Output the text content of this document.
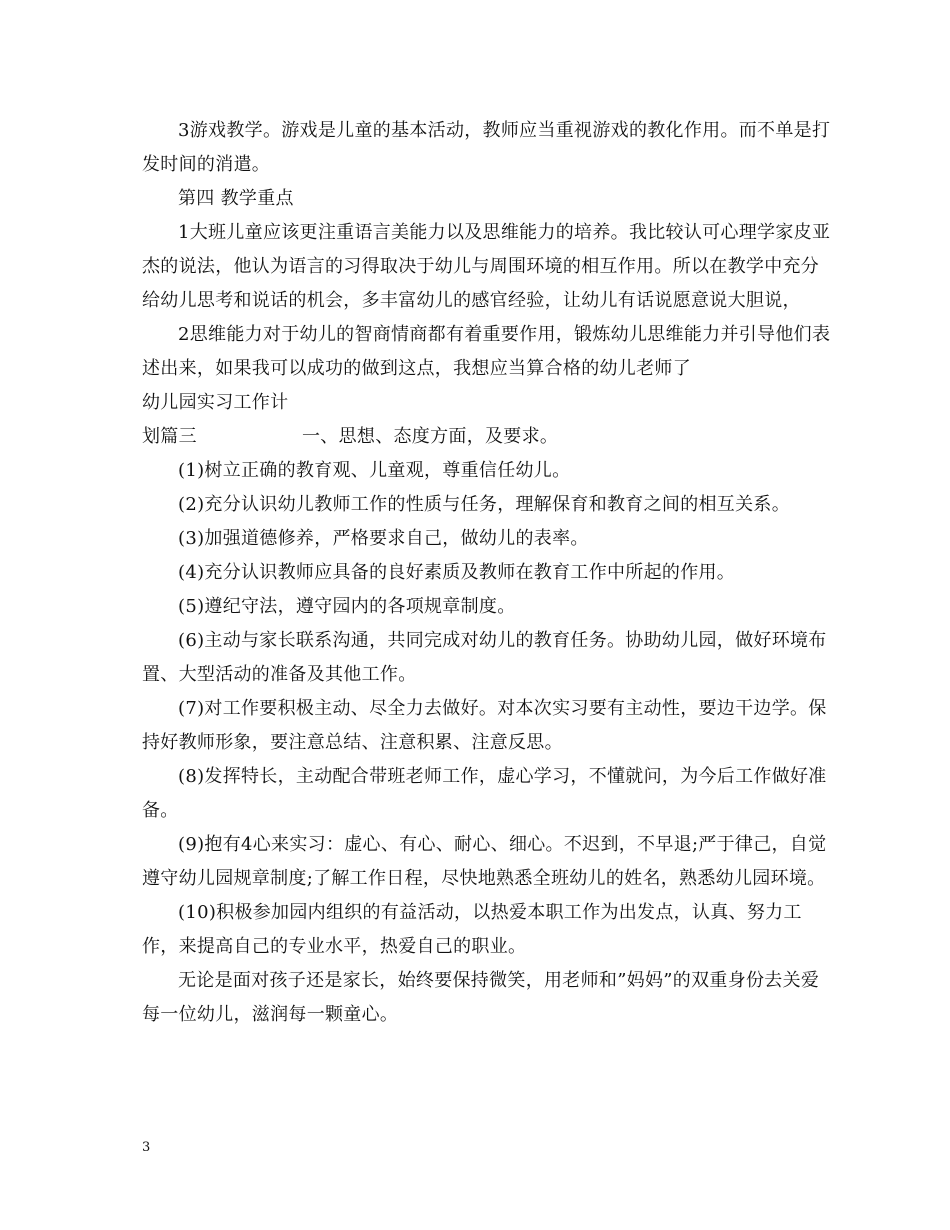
3游戏教学。游戏是儿童的基本活动，教师应当重视游戏的教化作用。而不单是打发时间的消遣。

第四 教学重点

1大班儿童应该更注重语言美能力以及思维能力的培养。我比较认可心理学家皮亚杰的说法，他认为语言的习得取决于幼儿与周围环境的相互作用。所以在教学中充分给幼儿思考和说话的机会，多丰富幼儿的感官经验，让幼儿有话说愿意说大胆说，

2思维能力对于幼儿的智商情商都有着重要作用，锻炼幼儿思维能力并引导他们表述出来，如果我可以成功的做到这点，我想应当算合格的幼儿老师了

幼儿园实习工作计划篇三	一、思想、态度方面，及要求。

(1)树立正确的教育观、儿童观，尊重信任幼儿。

(2)充分认识幼儿教师工作的性质与任务，理解保育和教育之间的相互关系。

(3)加强道德修养，严格要求自己，做幼儿的表率。

(4)充分认识教师应具备的良好素质及教师在教育工作中所起的作用。

(5)遵纪守法，遵守园内的各项规章制度。

(6)主动与家长联系沟通，共同完成对幼儿的教育任务。协助幼儿园，做好环境布置、大型活动的准备及其他工作。

(7)对工作要积极主动、尽全力去做好。对本次实习要有主动性，要边干边学。保持好教师形象，要注意总结、注意积累、注意反思。

(8)发挥特长，主动配合带班老师工作，虚心学习，不懂就问，为今后工作做好准备。

(9)抱有4心来实习：虚心、有心、耐心、细心。不迟到，不早退;严于律己，自觉遵守幼儿园规章制度;了解工作日程，尽快地熟悉全班幼儿的姓名，熟悉幼儿园环境。

(10)积极参加园内组织的有益活动，以热爱本职工作为出发点，认真、努力工作，来提高自己的专业水平，热爱自己的职业。

无论是面对孩子还是家长，始终要保持微笑，用老师和”妈妈”的双重身份去关爱每一位幼儿，滋润每一颗童心。

3
